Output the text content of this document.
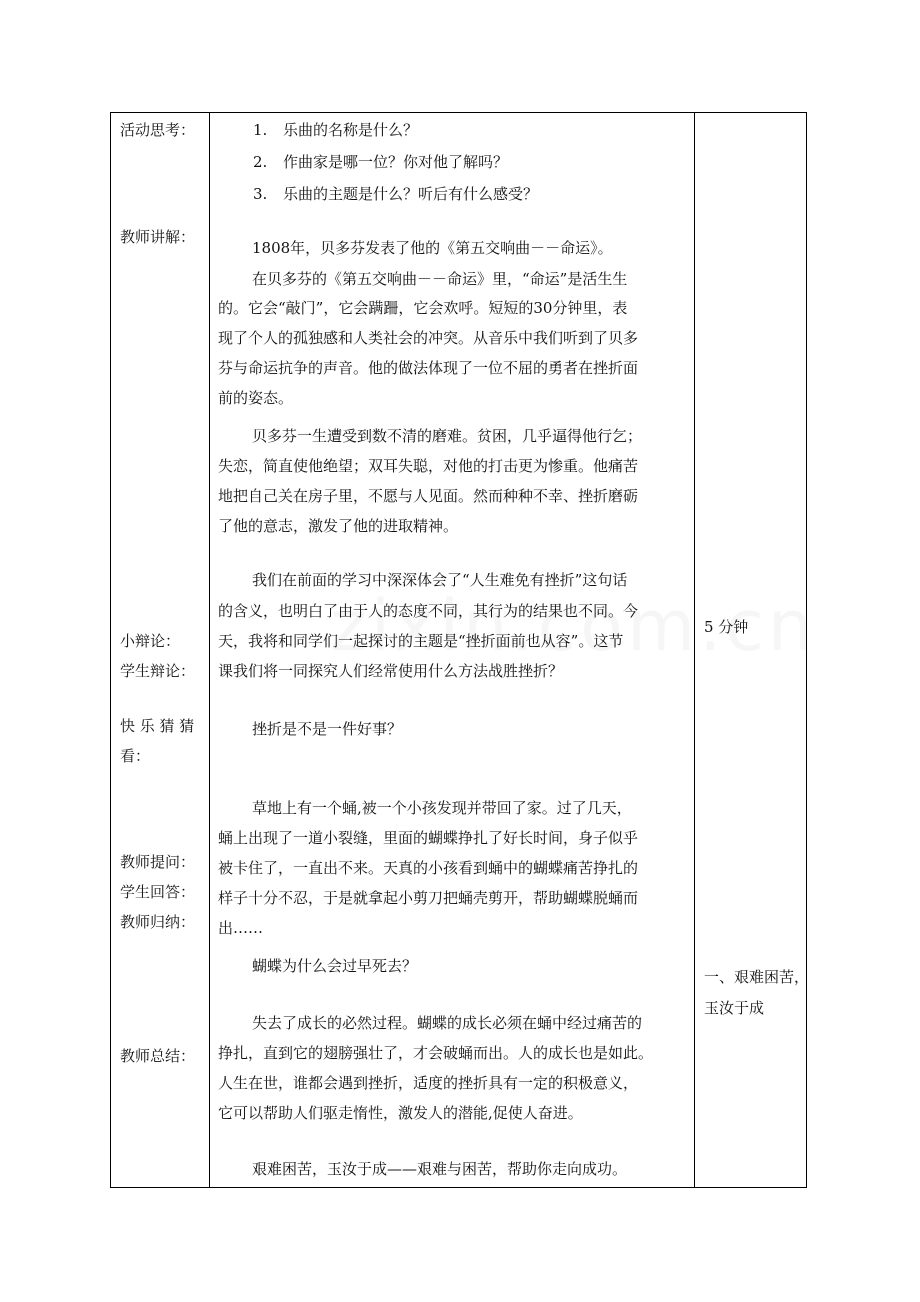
活动思考：
教师讲解：
小辩论：
学生辩论：
快 乐 猜 猜
看：
教师提问：
学生回答：
教师归纳：
教师总结：
1. 乐曲的名称是什么？
2. 作曲家是哪一位？你对他了解吗？
3. 乐曲的主题是什么？听后有什么感受？
1808年，贝多芬发表了他的《第五交响曲－－命运》。
在贝多芬的《第五交响曲－－命运》里，“命运”是活生生
的。它会“敲门”，它会蹒跚，它会欢呼。短短的30分钟里，表
现了个人的孤独感和人类社会的冲突。从音乐中我们听到了贝多
芬与命运抗争的声音。他的做法体现了一位不屈的勇者在挫折面
前的姿态。
贝多芬一生遭受到数不清的磨难。贫困，几乎逼得他行乞；
失恋，简直使他绝望；双耳失聪，对他的打击更为惨重。他痛苦
地把自己关在房子里，不愿与人见面。然而种种不幸、挫折磨砺
了他的意志，激发了他的进取精神。
我们在前面的学习中深深体会了“人生难免有挫折”这句话
的含义，也明白了由于人的态度不同，其行为的结果也不同。今
天，我将和同学们一起探讨的主题是“挫折面前也从容”。这节
课我们将一同探究人们经常使用什么方法战胜挫折？
挫折是不是一件好事？
草地上有一个蛹,被一个小孩发现并带回了家。过了几天，
蛹上出现了一道小裂缝，里面的蝴蝶挣扎了好长时间，身子似乎
被卡住了，一直出不来。天真的小孩看到蛹中的蝴蝶痛苦挣扎的
样子十分不忍，于是就拿起小剪刀把蛹壳剪开，帮助蝴蝶脱蛹而
出……
蝴蝶为什么会过早死去？
失去了成长的必然过程。蝴蝶的成长必须在蛹中经过痛苦的
挣扎，直到它的翅膀强壮了，才会破蛹而出。人的成长也是如此。
人生在世，谁都会遇到挫折，适度的挫折具有一定的积极意义，
它可以帮助人们驱走惰性，激发人的潜能,促使人奋进。
艰难困苦，玉汝于成——艰难与困苦，帮助你走向成功。
5 分钟
一、艰难困苦，
玉汝于成
